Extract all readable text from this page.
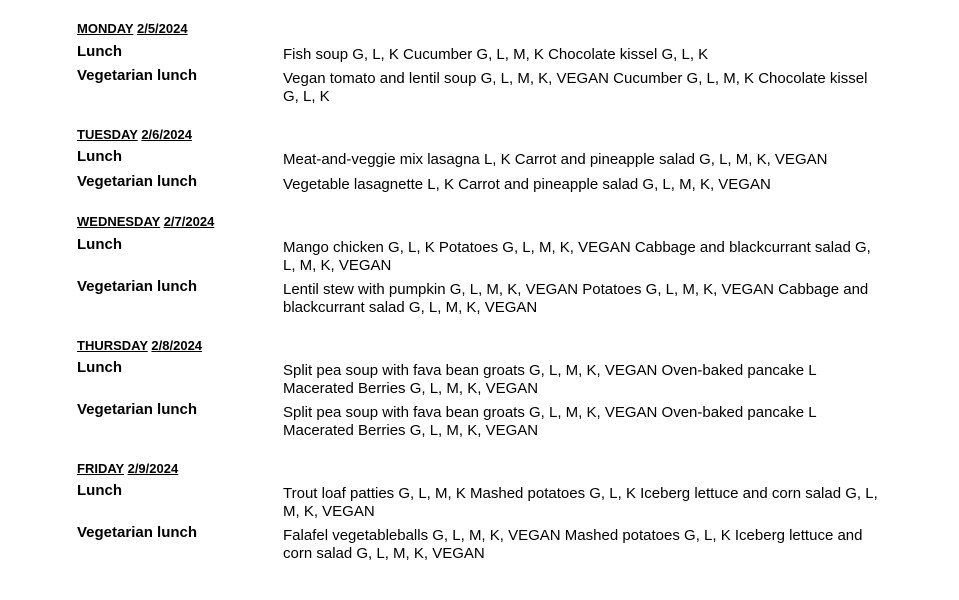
MONDAY 2/5/2024
Lunch	Fish soup G, L, K Cucumber G, L, M, K Chocolate kissel G, L, K
Vegetarian lunch	Vegan tomato and lentil soup G, L, M, K, VEGAN Cucumber G, L, M, K Chocolate kissel G, L, K
TUESDAY 2/6/2024
Lunch	Meat-and-veggie mix lasagna L, K Carrot and pineapple salad G, L, M, K, VEGAN
Vegetarian lunch	Vegetable lasagnette L, K Carrot and pineapple salad G, L, M, K, VEGAN
WEDNESDAY 2/7/2024
Lunch	Mango chicken G, L, K Potatoes G, L, M, K, VEGAN Cabbage and blackcurrant salad G, L, M, K, VEGAN
Vegetarian lunch	Lentil stew with pumpkin G, L, M, K, VEGAN Potatoes G, L, M, K, VEGAN Cabbage and blackcurrant salad G, L, M, K, VEGAN
THURSDAY 2/8/2024
Lunch	Split pea soup with fava bean groats G, L, M, K, VEGAN Oven-baked pancake L Macerated Berries G, L, M, K, VEGAN
Vegetarian lunch	Split pea soup with fava bean groats G, L, M, K, VEGAN Oven-baked pancake L Macerated Berries G, L, M, K, VEGAN
FRIDAY 2/9/2024
Lunch	Trout loaf patties G, L, M, K Mashed potatoes G, L, K Iceberg lettuce and corn salad G, L, M, K, VEGAN
Vegetarian lunch	Falafel vegetableballs G, L, M, K, VEGAN Mashed potatoes G, L, K Iceberg lettuce and corn salad G, L, M, K, VEGAN
